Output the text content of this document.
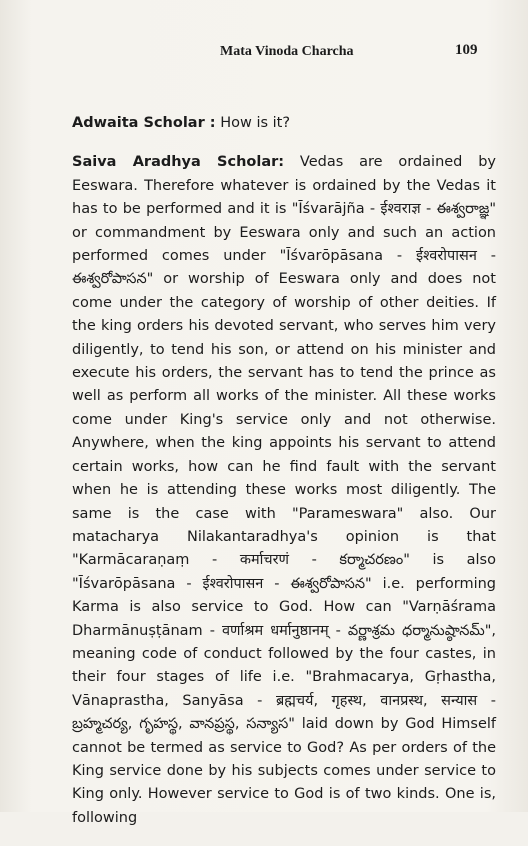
Mata Vinoda Charcha	109

Adwaita Scholar : How is it?

Saiva Aradhya Scholar: Vedas are ordained by Eeswara. Therefore whatever is ordained by the Vedas it has to be performed and it is "Īśvarājña - ईश्वराज्ञ - ఈశ్వరాజ్ఞ" or commandment by Eeswara only and such an action performed comes under "Īśvarōpāsana - ईश्वरोपासन - ఈశ్వరోపాసన" or worship of Eeswara only and does not come under the category of worship of other deities. If the king orders his devoted servant, who serves him very diligently, to tend his son, or attend on his minister and execute his orders, the servant has to tend the prince as well as perform all works of the minister. All these works come under King's service only and not otherwise. Anywhere, when the king appoints his servant to attend certain works, how can he find fault with the servant when he is attending these works most diligently. The same is the case with "Parameswara" also. Our matacharya Nilakantaradhya's opinion is that "Karmācaraṇaṃ - कर्माचरणं - కర్మాచరణం" is also "Īśvarōpāsana - ईश्वरोपासन - ఈశ్వరోపాసన" i.e. performing Karma is also service to God. How can "Varṇāśrama Dharmānuṣṭānam - वर्णाश्रम धर्मानुष्ठानम् - వర్ణాశ్రమ ధర్మానుష్ఠానమ్", meaning code of conduct followed by the four castes, in their four stages of life i.e. "Brahmacarya, Gṛhastha, Vānaprastha, Sanyāsa - ब्रह्मचर्य, गृहस्थ, वानप्रस्थ, सन्यास - బ్రహ్మచర్య, గృహస్థ, వానప్రస్థ, సన్యాస" laid down by God Himself cannot be termed as service to God? As per orders of the King service done by his subjects comes under service to King only. However service to God is of two kinds. One is, following
